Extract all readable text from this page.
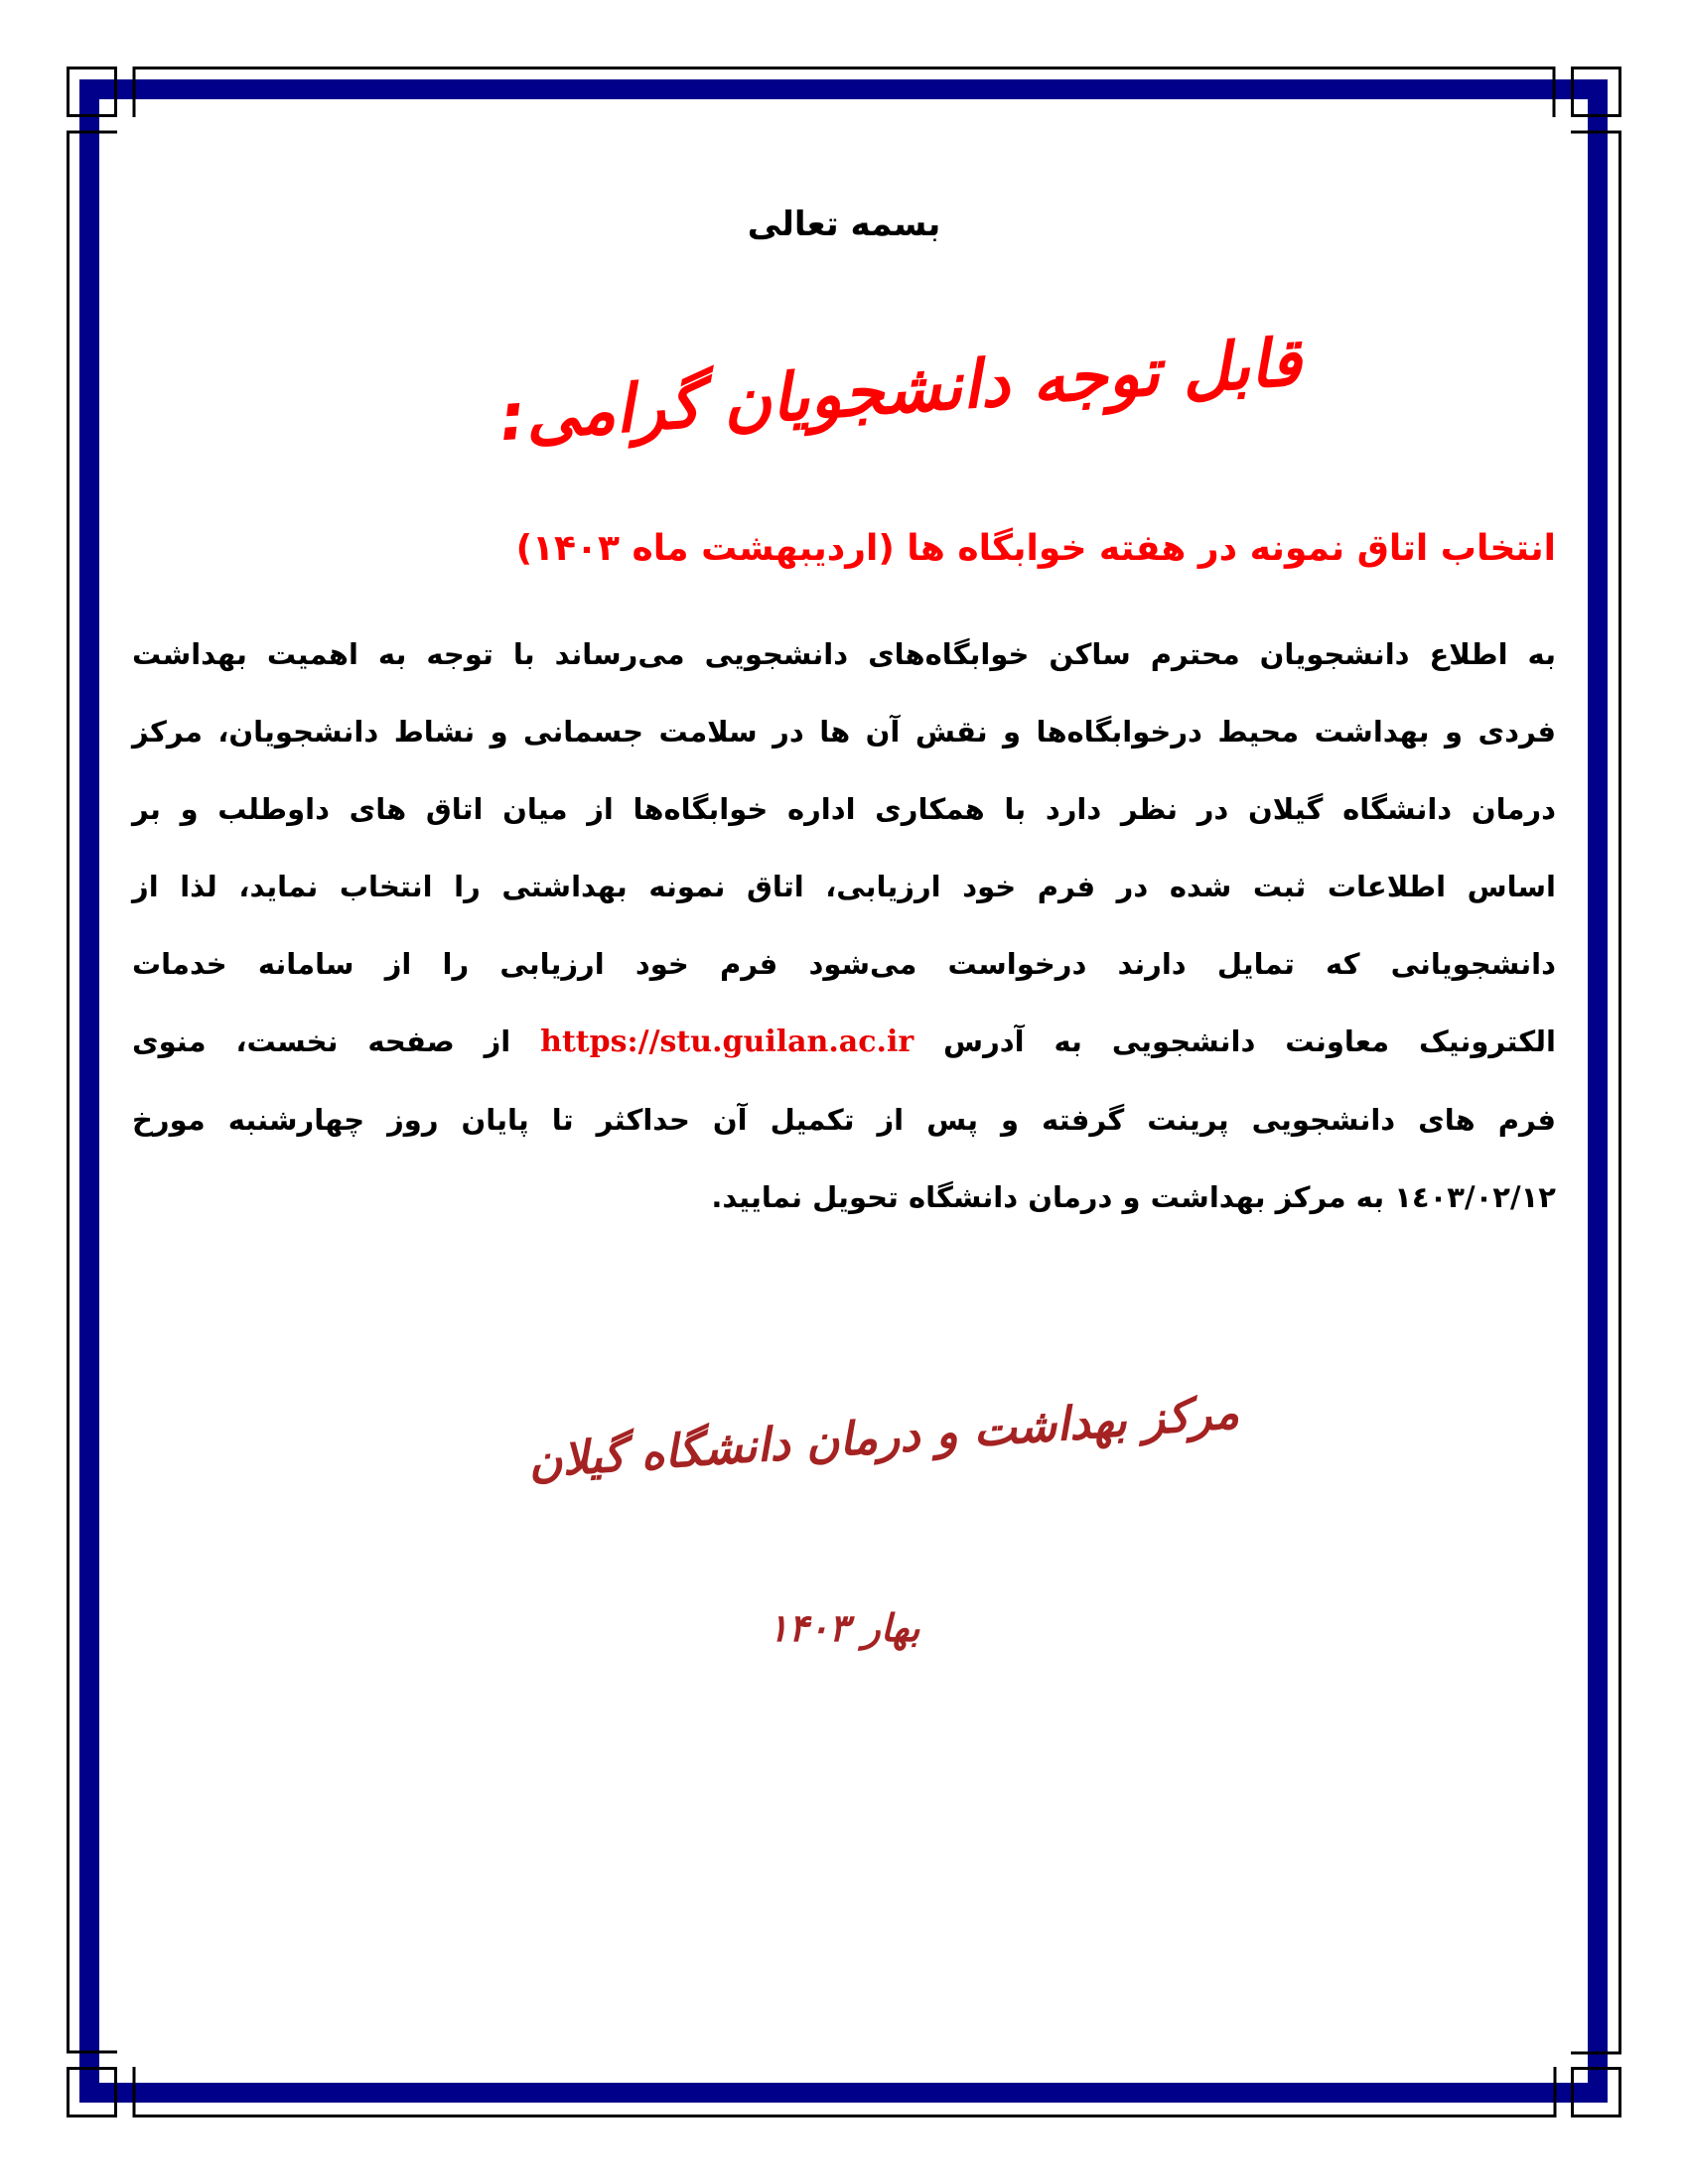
بسمه تعالی
قابل توجه دانشجویان گرامی:
انتخاب اتاق نمونه در هفته خوابگاه ها (اردیبهشت ماه ۱۴۰۳)
به اطلاع دانشجویان محترم ساکن خوابگاه‌های دانشجویی می‌رساند با توجه به اهمیت بهداشت
فردی و بهداشت محیط درخوابگاه‌ها و نقش آن ها در سلامت جسمانی و نشاط دانشجویان، مرکز
درمان دانشگاه گیلان در نظر دارد با همکاری اداره خوابگاه‌ها از میان اتاق های داوطلب و بر
اساس اطلاعات ثبت شده در فرم خود ارزیابی، اتاق نمونه بهداشتی را انتخاب نماید، لذا از
دانشجویانی که تمایل دارند درخواست می‌شود فرم خود ارزیابی را از سامانه خدمات
الکترونیک معاونت دانشجویی به آدرس https://stu.guilan.ac.ir از صفحه نخست، منوی
فرم های دانشجویی پرینت گرفته و پس از تکمیل آن حداکثر تا پایان روز چهارشنبه مورخ
١٤٠٣/٠٢/١٢ به مرکز بهداشت و درمان دانشگاه تحویل نمایید.
مرکز بهداشت و درمان دانشگاه گیلان
بهار ۱۴۰۳
